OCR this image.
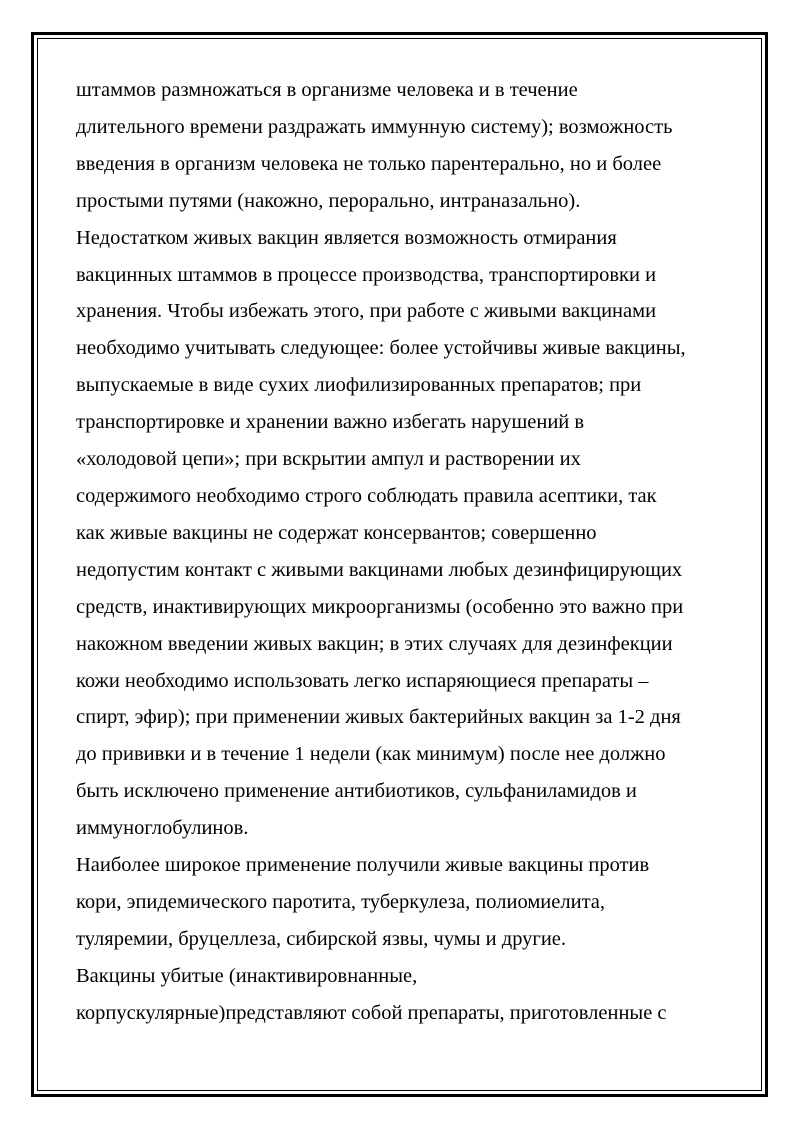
штаммов размножаться в организме человека и в течение
длительного времени раздражать иммунную систему); возможность
введения в организм человека не только парентерально, но и более
простыми путями (накожно, перорально, интраназально).
Недостатком живых вакцин является возможность отмирания
вакцинных штаммов в процессе производства, транспортировки и
хранения. Чтобы избежать этого, при работе с живыми вакцинами
необходимо учитывать следующее: более устойчивы живые вакцины,
выпускаемые в виде сухих лиофилизированных препаратов; при
транспортировке и хранении важно избегать нарушений в
«холодовой цепи»; при вскрытии ампул и растворении их
содержимого необходимо строго соблюдать правила асептики, так
как живые вакцины не содержат консервантов; совершенно
недопустим контакт с живыми вакцинами любых дезинфицирующих
средств, инактивирующих микроорганизмы (особенно это важно при
накожном введении живых вакцин; в этих случаях для дезинфекции
кожи необходимо использовать легко испаряющиеся препараты –
спирт, эфир); при применении живых бактерийных вакцин за 1-2 дня
до прививки и в течение 1 недели (как минимум) после нее должно
быть исключено применение антибиотиков, сульфаниламидов и
иммуноглобулинов.
Наиболее широкое применение получили живые вакцины против
кори, эпидемического паротита, туберкулеза, полиомиелита,
туляремии, бруцеллеза, сибирской язвы, чумы и другие.
Вакцины убитые (инактивировнанные,
корпускулярные)представляют собой препараты, приготовленные с
